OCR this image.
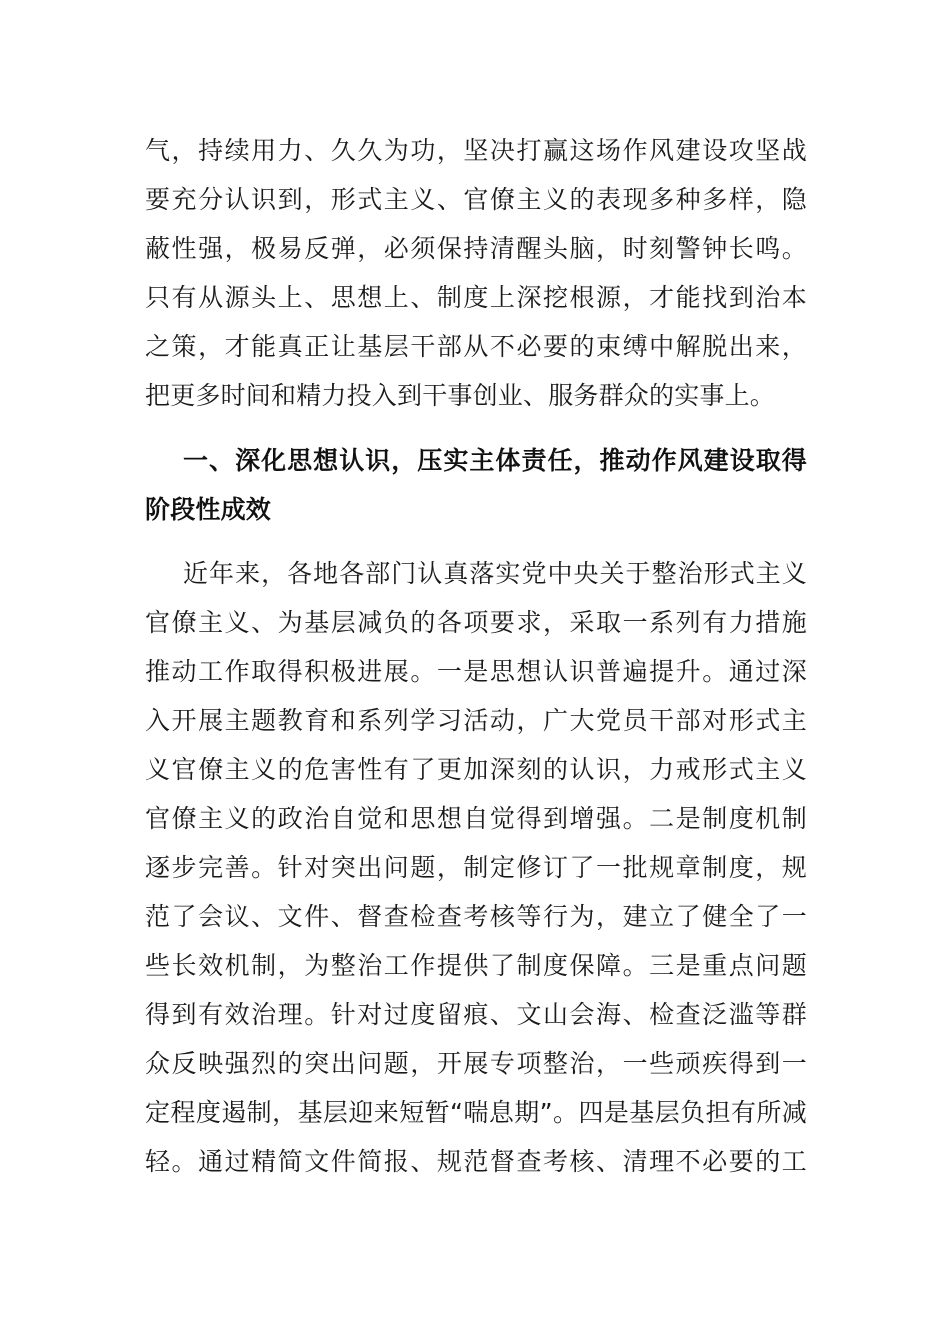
气，持续用力、久久为功，坚决打赢这场作风建设攻坚战
要充分认识到，形式主义、官僚主义的表现多种多样，隐
蔽性强，极易反弹，必须保持清醒头脑，时刻警钟长鸣。
只有从源头上、思想上、制度上深挖根源，才能找到治本
之策，才能真正让基层干部从不必要的束缚中解脱出来，
把更多时间和精力投入到干事创业、服务群众的实事上。
一、深化思想认识，压实主体责任，推动作风建设取得
阶段性成效
近年来，各地各部门认真落实党中央关于整治形式主义
官僚主义、为基层减负的各项要求，采取一系列有力措施
推动工作取得积极进展。一是思想认识普遍提升。通过深
入开展主题教育和系列学习活动，广大党员干部对形式主
义官僚主义的危害性有了更加深刻的认识，力戒形式主义
官僚主义的政治自觉和思想自觉得到增强。二是制度机制
逐步完善。针对突出问题，制定修订了一批规章制度，规
范了会议、文件、督查检查考核等行为，建立了健全了一
些长效机制，为整治工作提供了制度保障。三是重点问题
得到有效治理。针对过度留痕、文山会海、检查泛滥等群
众反映强烈的突出问题，开展专项整治，一些顽疾得到一
定程度遏制，基层迎来短暂“喘息期”。四是基层负担有所减
轻。通过精简文件简报、规范督查考核、清理不必要的工
